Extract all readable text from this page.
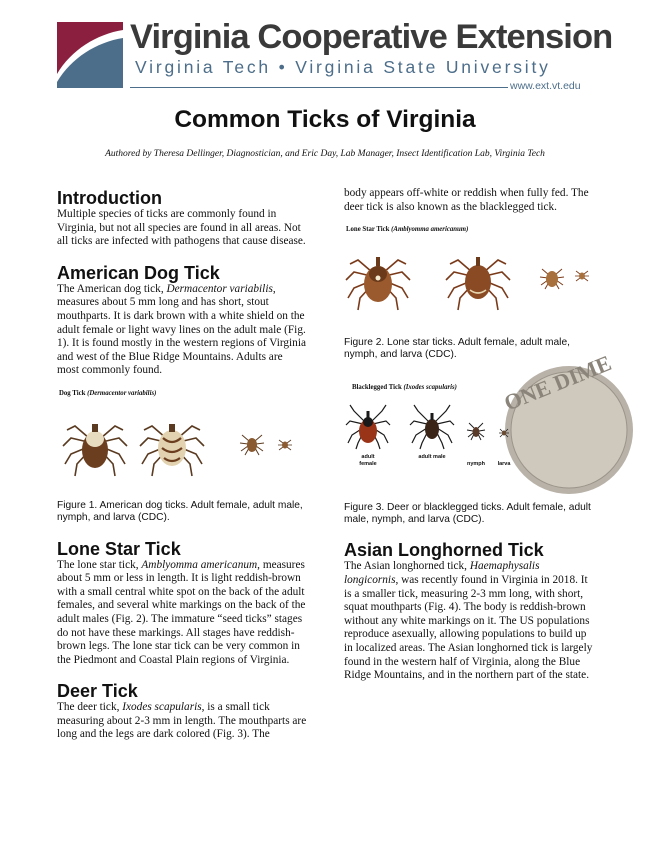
Virginia Cooperative Extension
Virginia Tech • Virginia State University
www.ext.vt.edu
Common Ticks of Virginia
Authored by Theresa Dellinger, Diagnostician, and Eric Day, Lab Manager, Insect Identification Lab, Virginia Tech
Introduction

Multiple species of ticks are commonly found in Virginia, but not all species are found in all areas. Not all ticks are infected with pathogens that cause disease.

American Dog Tick

The American dog tick, Dermacentor variabilis, measures about 5 mm long and has short, stout mouthparts. It is dark brown with a white shield on the adult female or light wavy lines on the adult male (Fig. 1). It is found mostly in the western regions of Virginia and west of the Blue Ridge Mountains. Adults are most commonly found.

Dog Tick (Dermacentor variabilis)

Figure 1. American dog ticks. Adult female, adult male, nymph, and larva (CDC).

Lone Star Tick

The lone star tick, Amblyomma americanum, measures about 5 mm or less in length. It is light reddish-brown with a small central white spot on the back of the adult females, and several white markings on the back of the adult males (Fig. 2). The immature “seed ticks” stages do not have these markings. All stages have reddish-brown legs. The lone star tick can be very common in the Piedmont and Coastal Plain regions of Virginia.

Deer Tick

The deer tick, Ixodes scapularis, is a small tick measuring about 2-3 mm in length. The mouthparts are long and the legs are dark colored (Fig. 3). The

body appears off-white or reddish when fully fed. The deer tick is also known as the blacklegged tick.

Lone Star Tick (Amblyomma americanum)

Figure 2. Lone star ticks. Adult female, adult male, nymph, and larva (CDC).	ONE DIME
Blacklegged Tick (Ixodes scapularis)
adult female
adult male
nymph	larva

Figure 3. Deer or blacklegged ticks. Adult female, adult male, nymph, and larva (CDC).

Asian Longhorned Tick

The Asian longhorned tick, Haemaphysalis longicornis, was recently found in Virginia in 2018. It is a smaller tick, measuring 2-3 mm long, with short, squat mouthparts (Fig. 4). The body is reddish-brown without any white markings on it. The US populations reproduce asexually, allowing populations to build up in localized areas. The Asian longhorned tick is largely found in the western half of Virginia, along the Blue Ridge Mountains, and in the northern part of the state.
